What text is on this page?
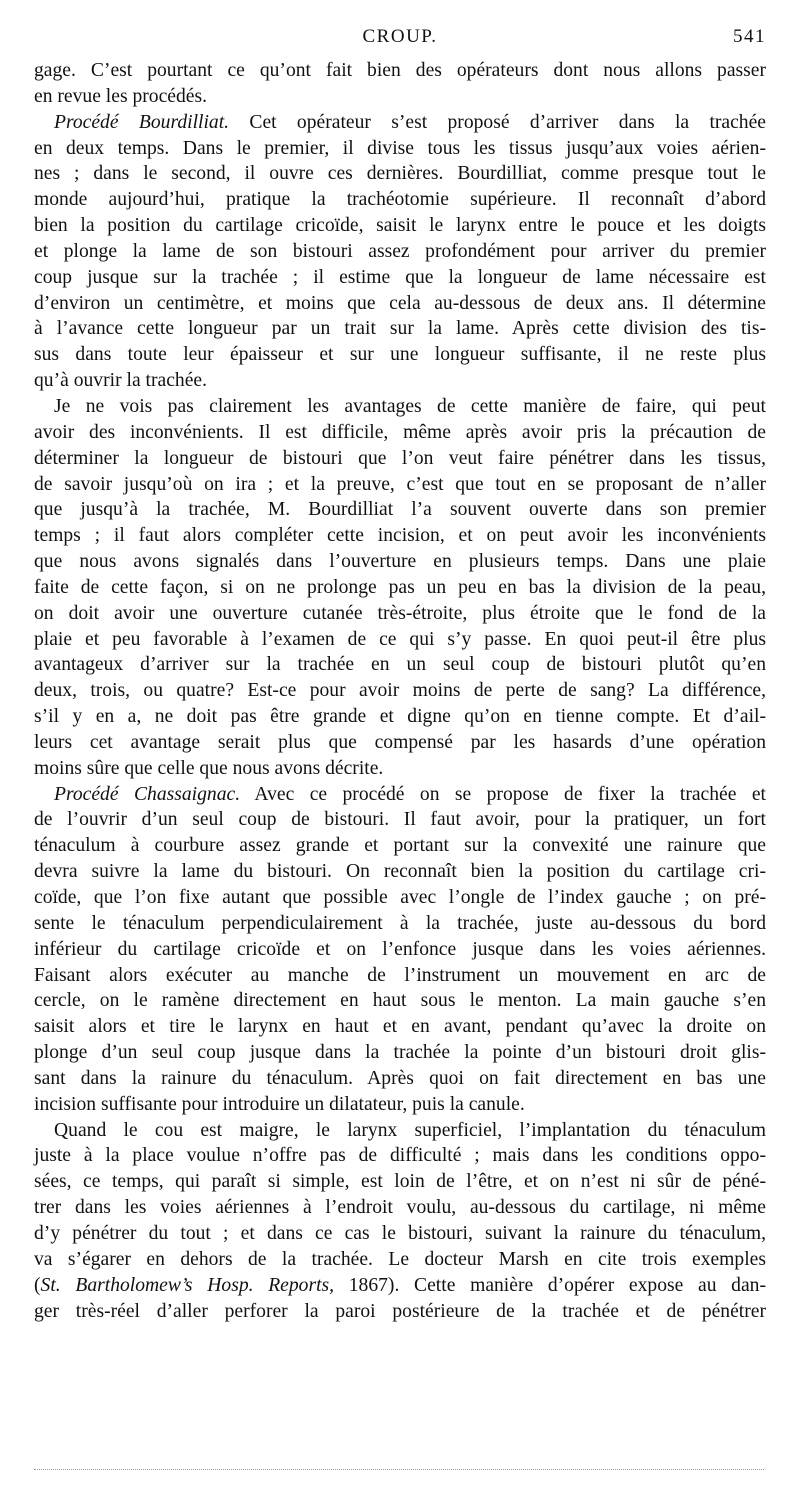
CROUP.	541
gage. C’est pourtant ce qu’ont fait bien des opérateurs dont nous allons passer
en revue les procédés.
Procédé Bourdilliat. Cet opérateur s’est proposé d’arriver dans la trachée
en deux temps. Dans le premier, il divise tous les tissus jusqu’aux voies aérien-
nes ; dans le second, il ouvre ces dernières. Bourdilliat, comme presque tout le
monde aujourd’hui, pratique la trachéotomie supérieure. Il reconnaît d’abord
bien la position du cartilage cricoïde, saisit le larynx entre le pouce et les doigts
et plonge la lame de son bistouri assez profondément pour arriver du premier
coup jusque sur la trachée ; il estime que la longueur de lame nécessaire est
d’environ un centimètre, et moins que cela au-dessous de deux ans. Il détermine
à l’avance cette longueur par un trait sur la lame. Après cette division des tis-
sus dans toute leur épaisseur et sur une longueur suffisante, il ne reste plus
qu’à ouvrir la trachée.
Je ne vois pas clairement les avantages de cette manière de faire, qui peut
avoir des inconvénients. Il est difficile, même après avoir pris la précaution de
déterminer la longueur de bistouri que l’on veut faire pénétrer dans les tissus,
de savoir jusqu’où on ira ; et la preuve, c’est que tout en se proposant de n’aller
que jusqu’à la trachée, M. Bourdilliat l’a souvent ouverte dans son premier
temps ; il faut alors compléter cette incision, et on peut avoir les inconvénients
que nous avons signalés dans l’ouverture en plusieurs temps. Dans une plaie
faite de cette façon, si on ne prolonge pas un peu en bas la division de la peau,
on doit avoir une ouverture cutanée très-étroite, plus étroite que le fond de la
plaie et peu favorable à l’examen de ce qui s’y passe. En quoi peut-il être plus
avantageux d’arriver sur la trachée en un seul coup de bistouri plutôt qu’en
deux, trois, ou quatre? Est-ce pour avoir moins de perte de sang? La différence,
s’il y en a, ne doit pas être grande et digne qu’on en tienne compte. Et d’ail-
leurs cet avantage serait plus que compensé par les hasards d’une opération
moins sûre que celle que nous avons décrite.
Procédé Chassaignac. Avec ce procédé on se propose de fixer la trachée et
de l’ouvrir d’un seul coup de bistouri. Il faut avoir, pour la pratiquer, un fort
ténaculum à courbure assez grande et portant sur la convexité une rainure que
devra suivre la lame du bistouri. On reconnaît bien la position du cartilage cri-
coïde, que l’on fixe autant que possible avec l’ongle de l’index gauche ; on pré-
sente le ténaculum perpendiculairement à la trachée, juste au-dessous du bord
inférieur du cartilage cricoïde et on l’enfonce jusque dans les voies aériennes.
Faisant alors exécuter au manche de l’instrument un mouvement en arc de
cercle, on le ramène directement en haut sous le menton. La main gauche s’en
saisit alors et tire le larynx en haut et en avant, pendant qu’avec la droite on
plonge d’un seul coup jusque dans la trachée la pointe d’un bistouri droit glis-
sant dans la rainure du ténaculum. Après quoi on fait directement en bas une
incision suffisante pour introduire un dilatateur, puis la canule.
Quand le cou est maigre, le larynx superficiel, l’implantation du ténaculum
juste à la place voulue n’offre pas de difficulté ; mais dans les conditions oppo-
sées, ce temps, qui paraît si simple, est loin de l’être, et on n’est ni sûr de péné-
trer dans les voies aériennes à l’endroit voulu, au-dessous du cartilage, ni même
d’y pénétrer du tout ; et dans ce cas le bistouri, suivant la rainure du ténaculum,
va s’égarer en dehors de la trachée. Le docteur Marsh en cite trois exemples
(St. Bartholomew’s Hosp. Reports, 1867). Cette manière d’opérer expose au dan-
ger très-réel d’aller perforer la paroi postérieure de la trachée et de pénétrer
